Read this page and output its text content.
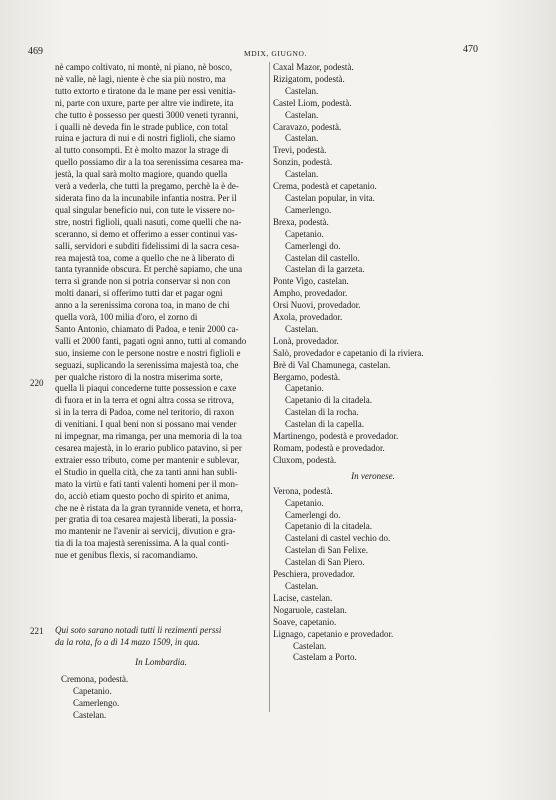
469	MDIX, GIUGNO.	470
nè campo coltivato, ni montè, ni piano, nè bosco,
nè valle, nè lagi, niente è che sia più nostro, ma
tutto extorto e tiratone da le mane per essi venitia-
ni, parte con uxure, parte per altre vie indirete, ita
che tutto è possesso per questi 3000 veneti tyranni,
i qualli nè deveda fin le strade publice, con total
ruina e jactura di nui e di nostri figlioli, che siamo
al tutto consompti. Et è molto mazor la strage di
quello possiamo dir a la toa serenissima cesarea ma-
jestà, la qual sarà molto magiore, quando quella
verà a vederla, che tutti la pregamo, perchè la è de-
siderata fino da la incunabile infantia nostra. Per il
qual singular beneficio nui, con tute le vissere no-
stre, nostri figlioli, quali nasuti, come quelli che na-
sceranno, si demo et offerimo a esser continui vas-
salli, servidori e subditi fidelissimi di la sacra cesa-
rea majestà toa, come a quello che ne à liberato di
tanta tyrannide obscura. Et perchè sapiamo, che una
terra sì grande non si potria conservar si non con
molti danari, si offerimo tutti dar et pagar ogni
anno a la serenissima corona toa, in mano de chi
quella vorà, 100 milia d'oro, el zorno di
Santo Antonio, chiamato di Padoa, e tenir 2000 ca-
valli et 2000 fanti, pagati ogni anno, tutti al comando
suo, insieme con le persone nostre e nostri figlioli e
seguazi, suplicando la serenissima majestà toa, che
per qualche ristoro di la nostra miserima sorte,
quella li piaqui concederne tutte possession e caxe
di fuora et in la terra et ogni altra cossa se ritrova,
sì in la terra di Padoa, come nel teritorio, di raxon
di venitiani. I qual beni non si possano mai vender
ni impegnar, ma rimanga, per una memoria di la toa
cesarea majestà, in lo erario publico patavino, sì per
extraier esso tributo, come per mantenir e sublevar,
el Studio in quella cità, che za tanti anni han subli-
mato la virtù e fati tanti valenti homeni per il mon-
do, acciò etiam questo pocho di spirito et anima,
che ne è ristata da la gran tyrannide veneta, et horra,
per gratia di toa cesarea majestà liberati, la possia-
mo mantenir ne l'avenir ai servicij, divution e gra-
tia di la toa majestà serenissima. A la qual conti-
nue et genibus flexis, si racomandiamo.
220
221 Qui soto sarano notadi tutti li rezimenti perssi
da la rota, fo a dì 14 mazo 1509, in qua.
In Lombardia.
Cremona, podestà.
Capetanio.
Camerlengo.
Castelan.
Caxal Mazor, podestà.
Rizigatom, podestà.
Castelan.
Castel Liom, podestà.
Castelan.
Caravazo, podestà.
Castelan.
Trevi, podestà.
Sonzin, podestà.
Castelan.
Crema, podestà et capetanio.
Castelan popular, in vita.
Camerlengo.
Brexa, podestà.
Capetanio.
Camerlengi do.
Castelan dil castello.
Castelan di la garzeta.
Ponte Vigo, castelan.
Ampho, provedador.
Orsi Nuovi, provedador.
Axola, provedador.
Castelan.
Lonà, provedador.
Salò, provedador e capetanio di la riviera.
Brè di Val Chamunega, castelan.
Bergamo, podestà.
Capetanio.
Capetanio di la citadela.
Castelan di la rocha.
Castelan di la capella.
Martinengo, podestà e provedador.
Romam, podestà e provedador.
Cluxom, podestà.
In veronese.
Verona, podestà.
Capetanio.
Camerlengi do.
Capetanio di la citadela.
Castelani di castel vechio do.
Castelan di San Felixe.
Castelan di San Piero.
Peschiera, provedador.
Castelan.
Lacise, castelan.
Nogaruole, castelan.
Soave, capetanio.
Lignago, capetanio e provedador.
Castelan.
Castelam a Porto.
